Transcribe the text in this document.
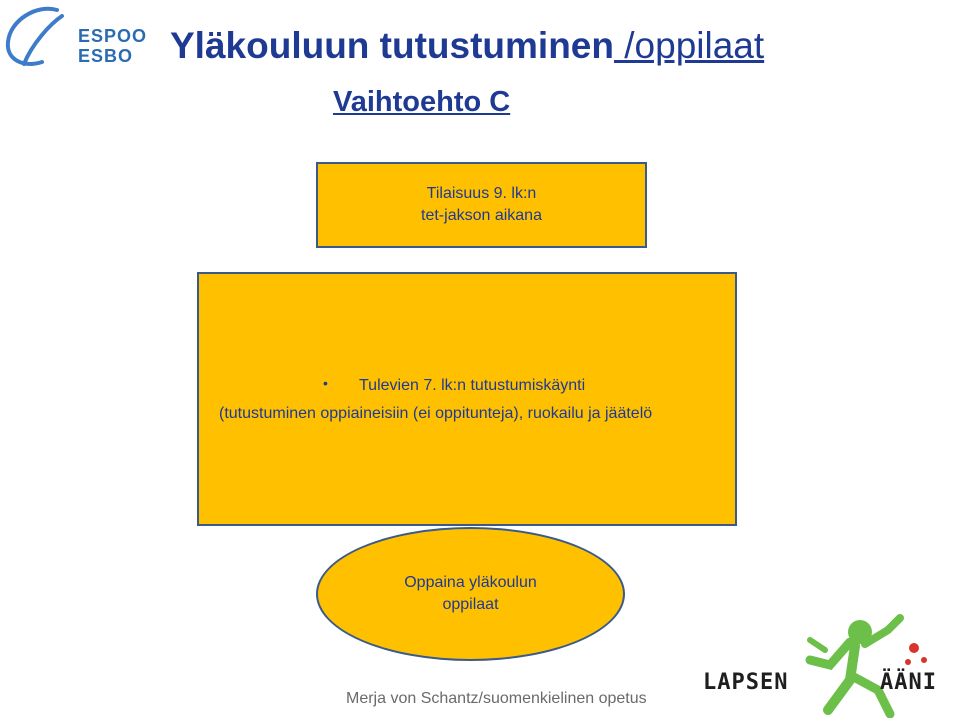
ESPOO
ESBO Yläkouluun tutustuminen /oppilaat
Vaihtoehto C
Tilaisuus 9. lk:n
tet-jakson aikana
• Tulevien 7. lk:n tutustumiskäynti
(tutustuminen oppiaineisiin (ei oppitunteja), ruokailu ja jäätelö
Oppaina yläkoulun
oppilaat
Merja von Schantz/suomenkielinen opetus
LAPSEN	ÄÄNI
